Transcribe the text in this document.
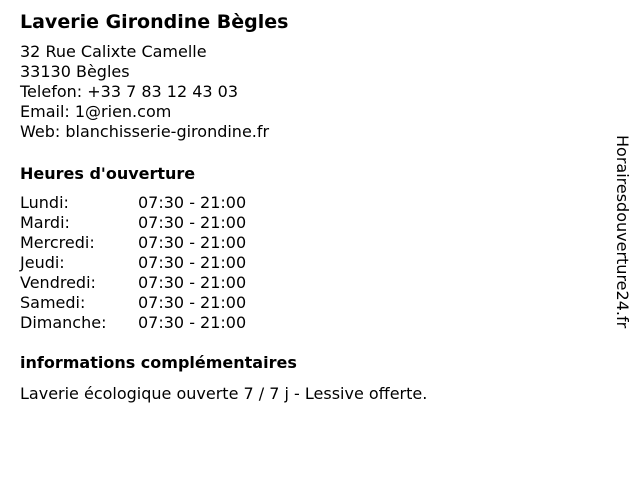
Laverie Girondine Bègles
32 Rue Calixte Camelle
33130 Bègles
Telefon: +33 7 83 12 43 03
Email: 1@rien.com
Web: blanchisserie-girondine.fr
Heures d'ouverture
Lundi:	07:30 - 21:00
Mardi:	07:30 - 21:00
Mercredi:	07:30 - 21:00
Jeudi:	07:30 - 21:00
Vendredi:	07:30 - 21:00
Samedi:	07:30 - 21:00
Dimanche:	07:30 - 21:00
informations complémentaires
Laverie écologique ouverte 7 / 7 j - Lessive offerte.
Horairesdouverture24.fr
